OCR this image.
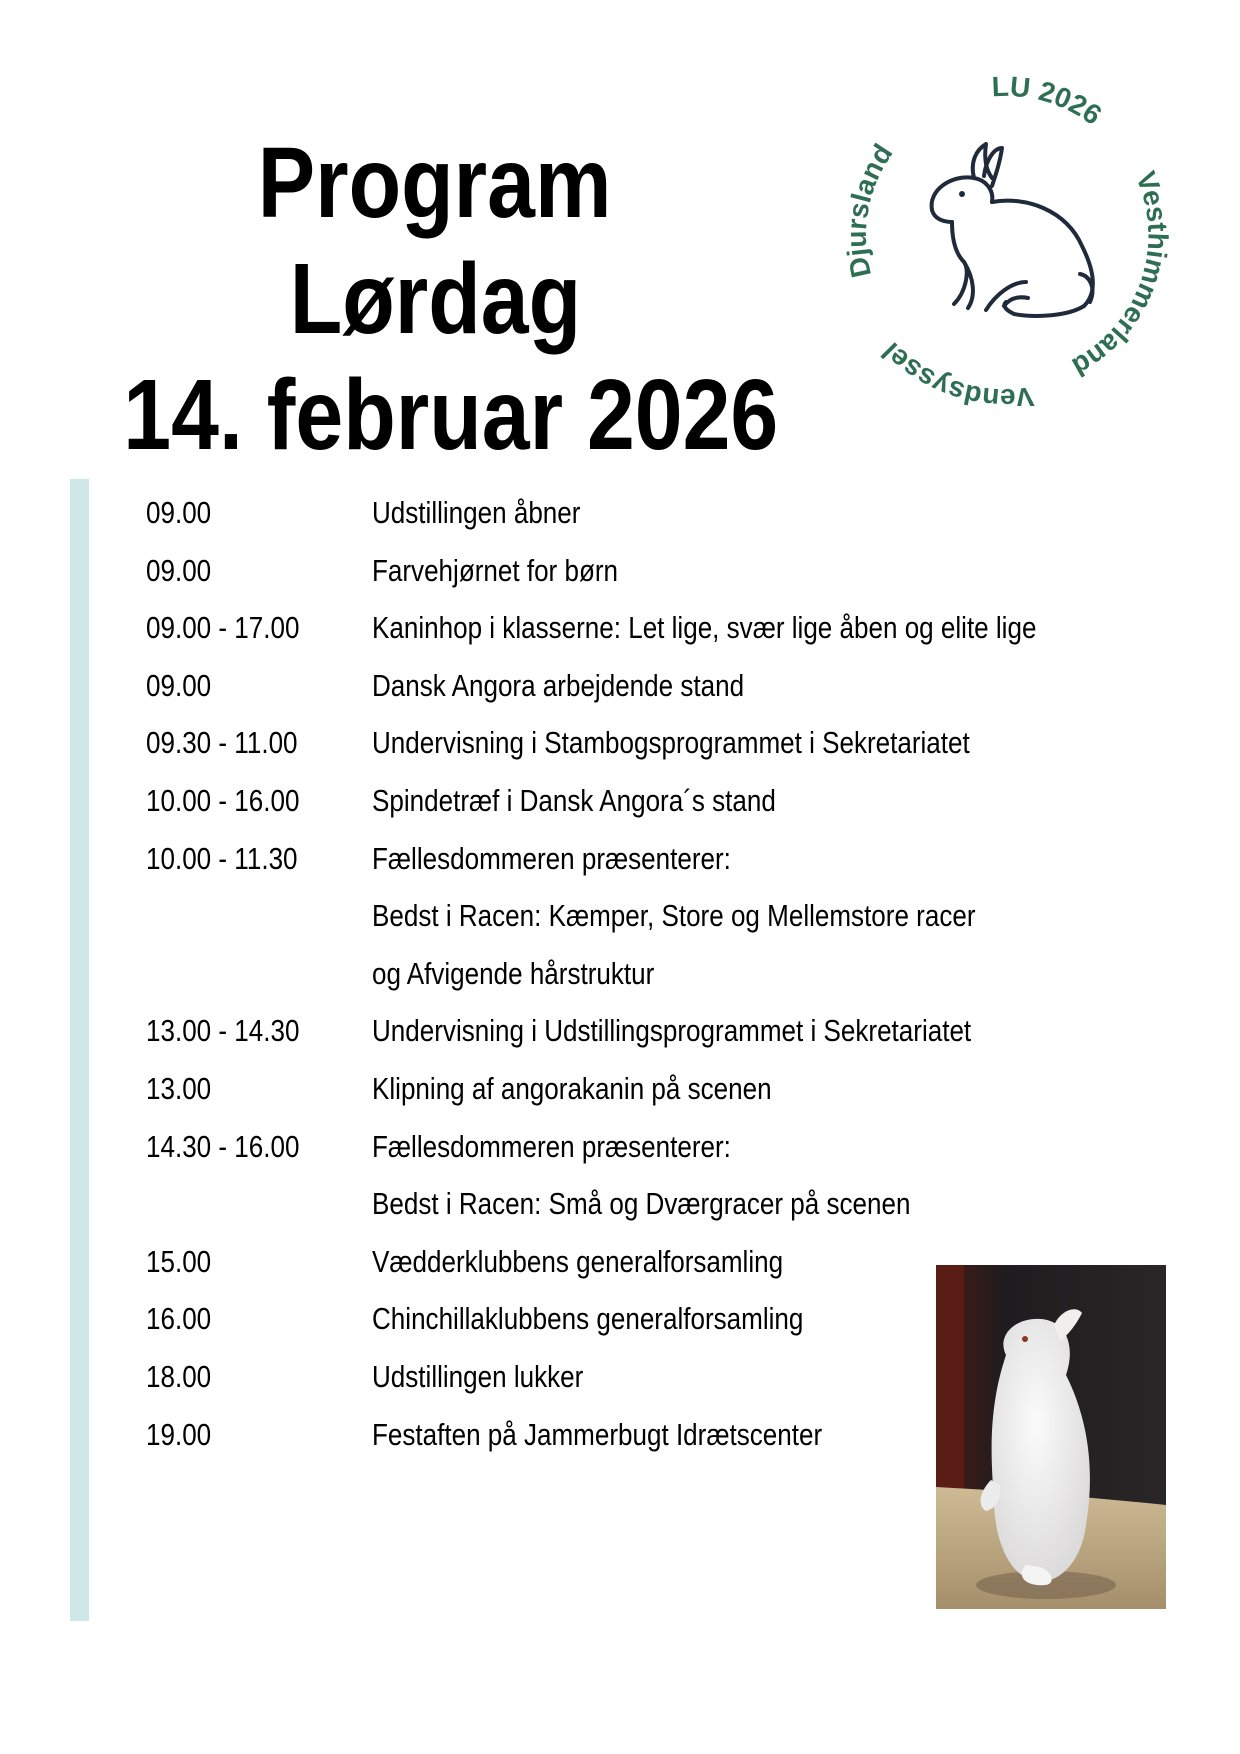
Program
Lørdag
14. februar 2026
Djursland
LU 2026
Vesthimmerland
Vendsyssel
09.00	Udstillingen åbner
09.00	Farvehjørnet for børn
09.00 - 17.00	Kaninhop i klasserne: Let lige, svær lige åben og elite lige
09.00	Dansk Angora arbejdende stand
09.30 - 11.00	Undervisning i Stambogsprogrammet i Sekretariatet
10.00 - 16.00	Spindetræf i Dansk Angora´s stand
10.00 - 11.30	Fællesdommeren præsenterer:
Bedst i Racen: Kæmper, Store og Mellemstore racer
og Afvigende hårstruktur
13.00 - 14.30	Undervisning i Udstillingsprogrammet i Sekretariatet
13.00	Klipning af angorakanin på scenen
14.30 - 16.00	Fællesdommeren præsenterer:
Bedst i Racen: Små og Dværgracer på scenen
15.00	Vædderklubbens generalforsamling
16.00	Chinchillaklubbens generalforsamling
18.00	Udstillingen lukker
19.00	Festaften på Jammerbugt Idrætscenter
